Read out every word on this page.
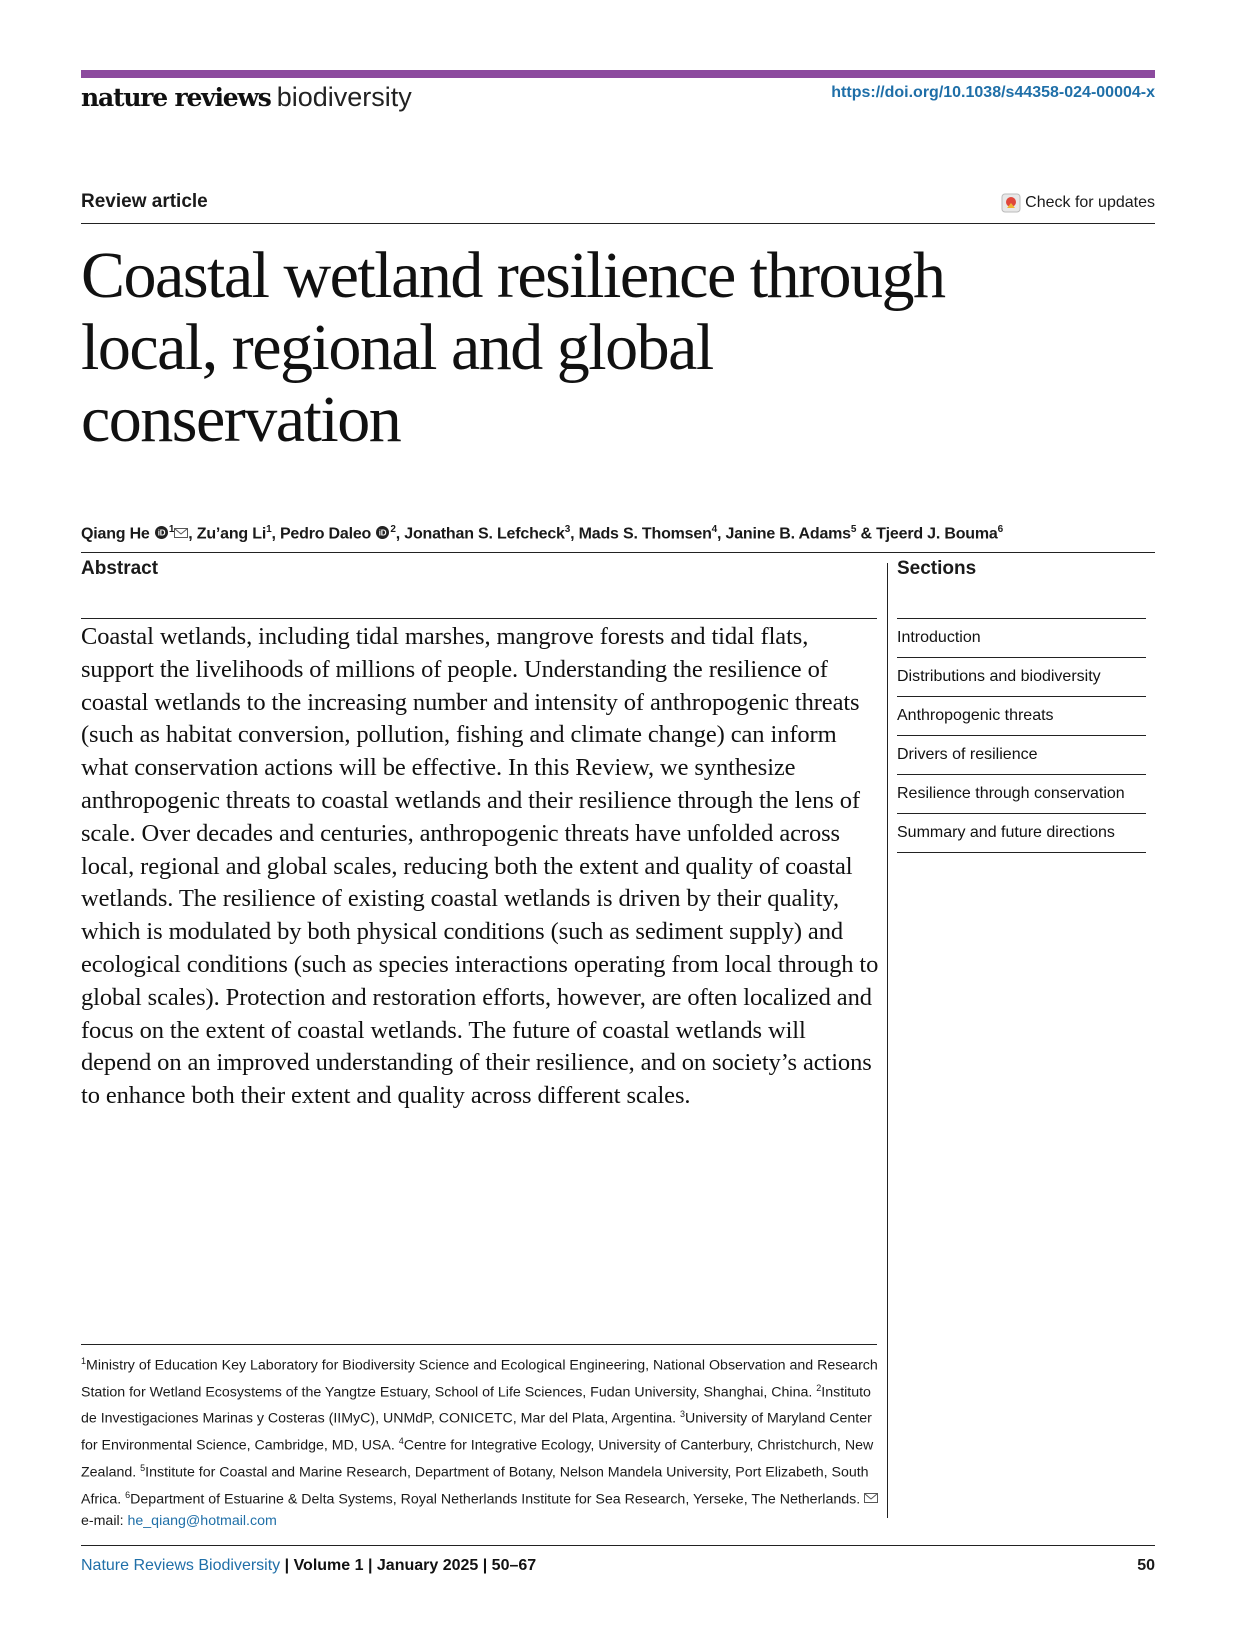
nature reviews biodiversity	https://doi.org/10.1038/s44358-024-00004-x
Review article	Check for updates
Coastal wetland resilience through local, regional and global conservation
Qiang He iD $^1$ , Zu’ang Li$^1$, Pedro Daleo iD $^2$, Jonathan S. Lefcheck$^3$, Mads S. Thomsen$^4$, Janine B. Adams$^5$ & Tjeerd J. Bouma$^6$
Abstract
Coastal wetlands, including tidal marshes, mangrove forests and tidal flats, support the livelihoods of millions of people. Understanding the resilience of coastal wetlands to the increasing number and intensity of anthropogenic threats (such as habitat conversion, pollution, fishing and climate change) can inform what conservation actions will be effective. In this Review, we synthesize anthropogenic threats to coastal wetlands and their resilience through the lens of scale. Over decades and centuries, anthropogenic threats have unfolded across local, regional and global scales, reducing both the extent and quality of coastal wetlands. The resilience of existing coastal wetlands is driven by their quality, which is modulated by both physical conditions (such as sediment supply) and ecological conditions (such as species interactions operating from local through to global scales). Protection and restoration efforts, however, are often localized and focus on the extent of coastal wetlands. The future of coastal wetlands will depend on an improved understanding of their resilience, and on society’s actions to enhance both their extent and quality across different scales.
Sections
Introduction
Distributions and biodiversity
Anthropogenic threats
Drivers of resilience
Resilience through conservation
Summary and future directions
$^1$Ministry of Education Key Laboratory for Biodiversity Science and Ecological Engineering, National Observation and Research Station for Wetland Ecosystems of the Yangtze Estuary, School of Life Sciences, Fudan University, Shanghai, China. $^2$Instituto de Investigaciones Marinas y Costeras (IIMyC), UNMdP, CONICETC, Mar del Plata, Argentina. $^3$University of Maryland Center for Environmental Science, Cambridge, MD, USA. $^4$Centre for Integrative Ecology, University of Canterbury, Christchurch, New Zealand. $^5$Institute for Coastal and Marine Research, Department of Botany, Nelson Mandela University, Port Elizabeth, South Africa. $^6$Department of Estuarine & Delta Systems, Royal Netherlands Institute for Sea Research, Yerseke, The Netherlands. e-mail: he_qiang@hotmail.com
Nature Reviews Biodiversity | Volume 1 | January 2025 | 50–67	50
